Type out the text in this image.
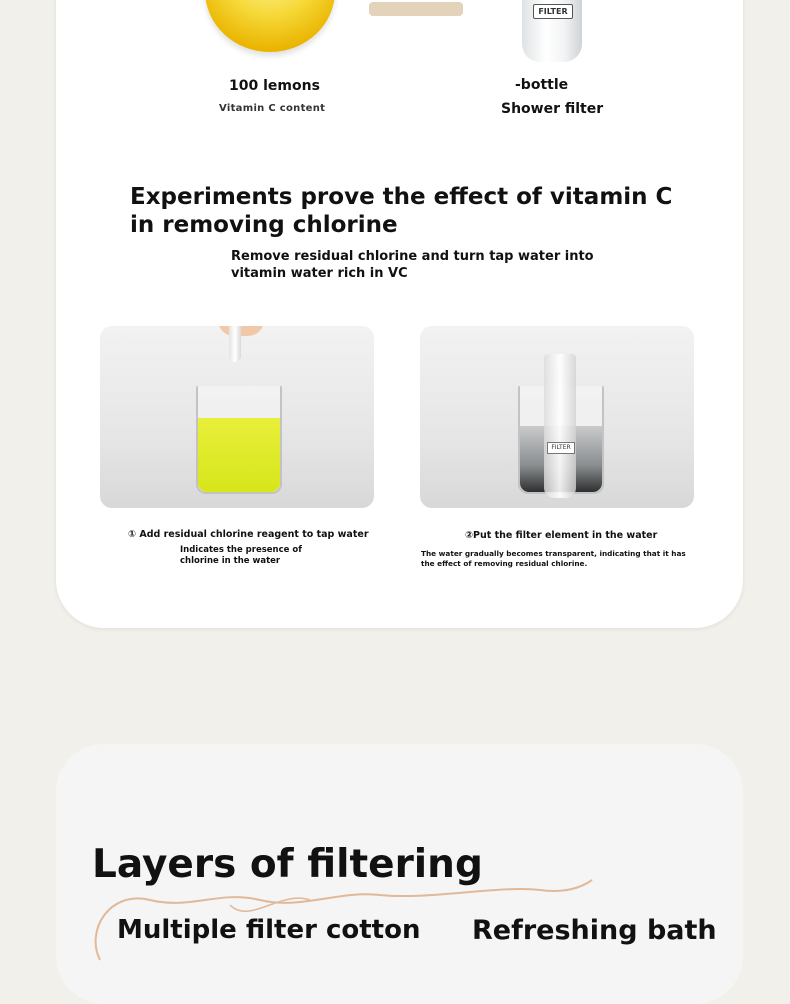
FILTER
100 lemons
Vitamin C content
-bottle
Shower filter
Experiments prove the effect of vitamin C in removing chlorine
Remove residual chlorine and turn tap water into vitamin water rich in VC
FILTER
① Add residual chlorine reagent to tap water
Indicates the presence of chlorine in the water
②Put the filter element in the water
The water gradually becomes transparent, indicating that it has the effect of removing residual chlorine.
Layers of filtering
Multiple filter cotton Refreshing bath
